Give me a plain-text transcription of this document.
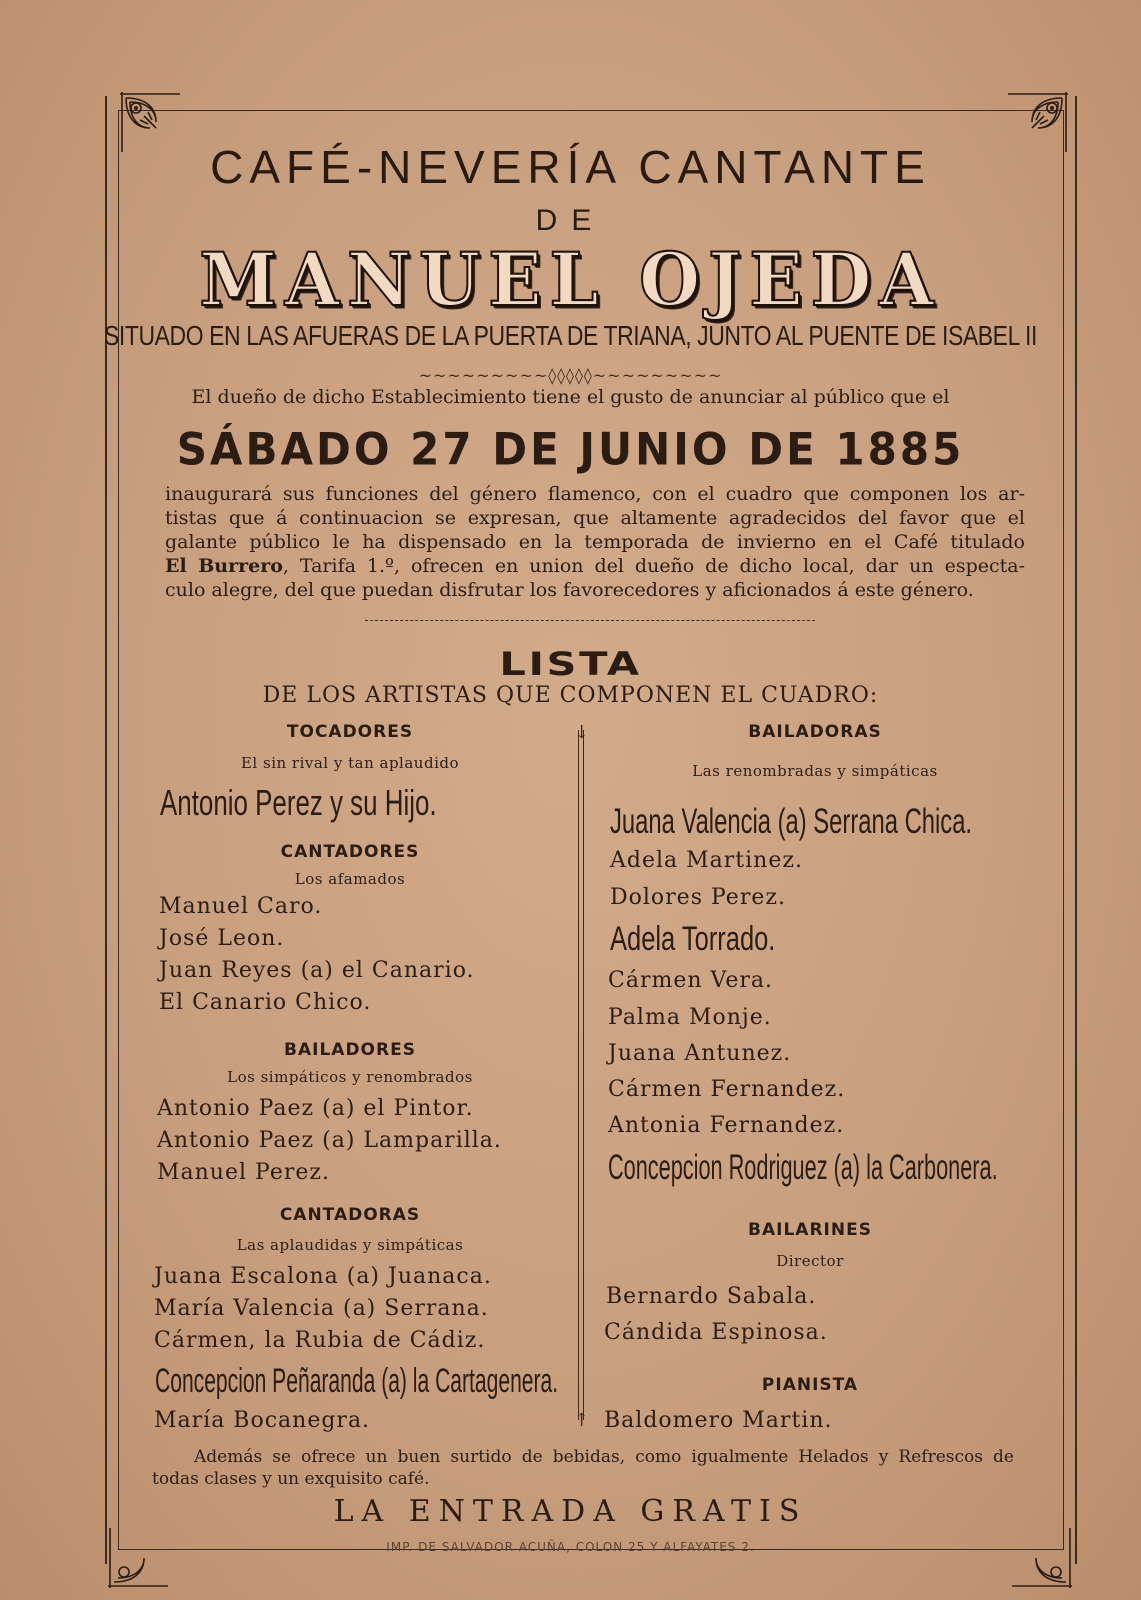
CAFÉ-NEVERÍA CANTANTE
DE
MANUEL OJEDA
SITUADO EN LAS AFUERAS DE LA PUERTA DE TRIANA, JUNTO AL PUENTE DE ISABEL II
~~~~~~~~~◊◊◊◊◊~~~~~~~~~
El dueño de dicho Establecimiento tiene el gusto de anunciar al público que el
SÁBADO 27 DE JUNIO DE 1885
inaugurará sus funciones del género flamenco, con el cuadro que componen los ar-
tistas que á continuacion se expresan, que altamente agradecidos del favor que el
galante público le ha dispensado en la temporada de invierno en el Café titulado
El Burrero, Tarifa 1.º, ofrecen en union del dueño de dicho local, dar un especta-
culo alegre, del que puedan disfrutar los favorecedores y aficionados á este género.
LISTA
DE LOS ARTISTAS QUE COMPONEN EL CUADRO:
↓
↑
TOCADORES
El sin rival y tan aplaudido
Antonio Perez y su Hijo.
CANTADORES
Los afamados
Manuel Caro.
José Leon.
Juan Reyes (a) el Canario.
El Canario Chico.
BAILADORES
Los simpáticos y renombrados
Antonio Paez (a) el Pintor.
Antonio Paez (a) Lamparilla.
Manuel Perez.
CANTADORAS
Las aplaudidas y simpáticas
Juana Escalona (a) Juanaca.
María Valencia (a) Serrana.
Cármen, la Rubia de Cádiz.
Concepcion Peñaranda (a) la Cartagenera.
María Bocanegra.
BAILADORAS
Las renombradas y simpáticas
Juana Valencia (a) Serrana Chica.
Adela Martinez.
Dolores Perez.
Adela Torrado.
Cármen Vera.
Palma Monje.
Juana Antunez.
Cármen Fernandez.
Antonia Fernandez.
Concepcion Rodriguez (a) la Carbonera.
BAILARINES
Director
Bernardo Sabala.
Cándida Espinosa.
PIANISTA
Baldomero Martin.
Además se ofrece un buen surtido de bebidas, como igualmente Helados y Refrescos de
todas clases y un exquisito café.
LA ENTRADA GRATIS
IMP. DE SALVADOR ACUÑA, COLON 25 Y ALFAYATES 2.
